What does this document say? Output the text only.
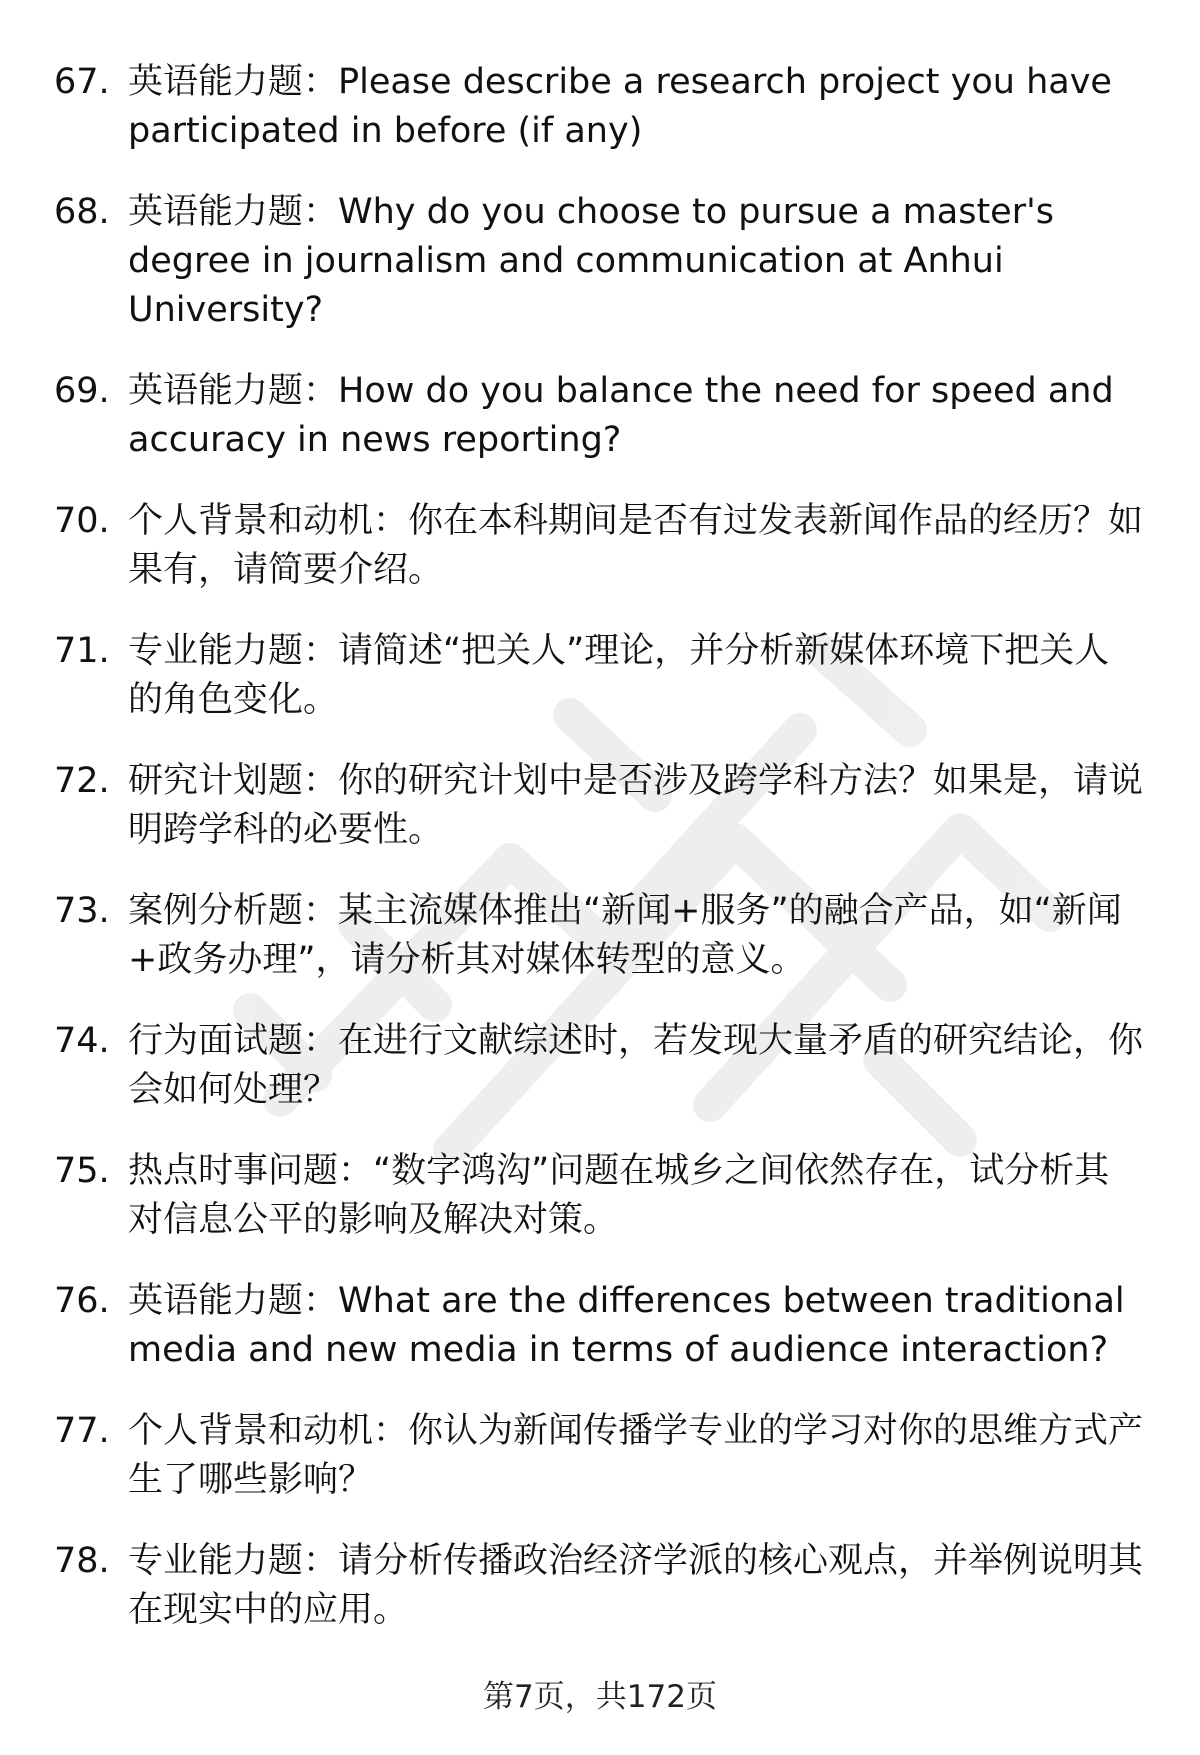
67. 英语能力题：Please describe a research project you have participated in before (if any)
68. 英语能力题：Why do you choose to pursue a master's degree in journalism and communication at Anhui University?
69. 英语能力题：How do you balance the need for speed and accuracy in news reporting?
70. 个人背景和动机：你在本科期间是否有过发表新闻作品的经历？如果有，请简要介绍。
71. 专业能力题：请简述“把关人”理论，并分析新媒体环境下把关人的角色变化。
72. 研究计划题：你的研究计划中是否涉及跨学科方法？如果是，请说明跨学科的必要性。
73. 案例分析题：某主流媒体推出“新闻+服务”的融合产品，如“新闻+政务办理”，请分析其对媒体转型的意义。
74. 行为面试题：在进行文献综述时，若发现大量矛盾的研究结论，你会如何处理？
75. 热点时事问题：“数字鸿沟”问题在城乡之间依然存在，试分析其对信息公平的影响及解决对策。
76. 英语能力题：What are the differences between traditional media and new media in terms of audience interaction?
77. 个人背景和动机：你认为新闻传播学专业的学习对你的思维方式产生了哪些影响？
78. 专业能力题：请分析传播政治经济学派的核心观点，并举例说明其在现实中的应用。
第7页，共172页
